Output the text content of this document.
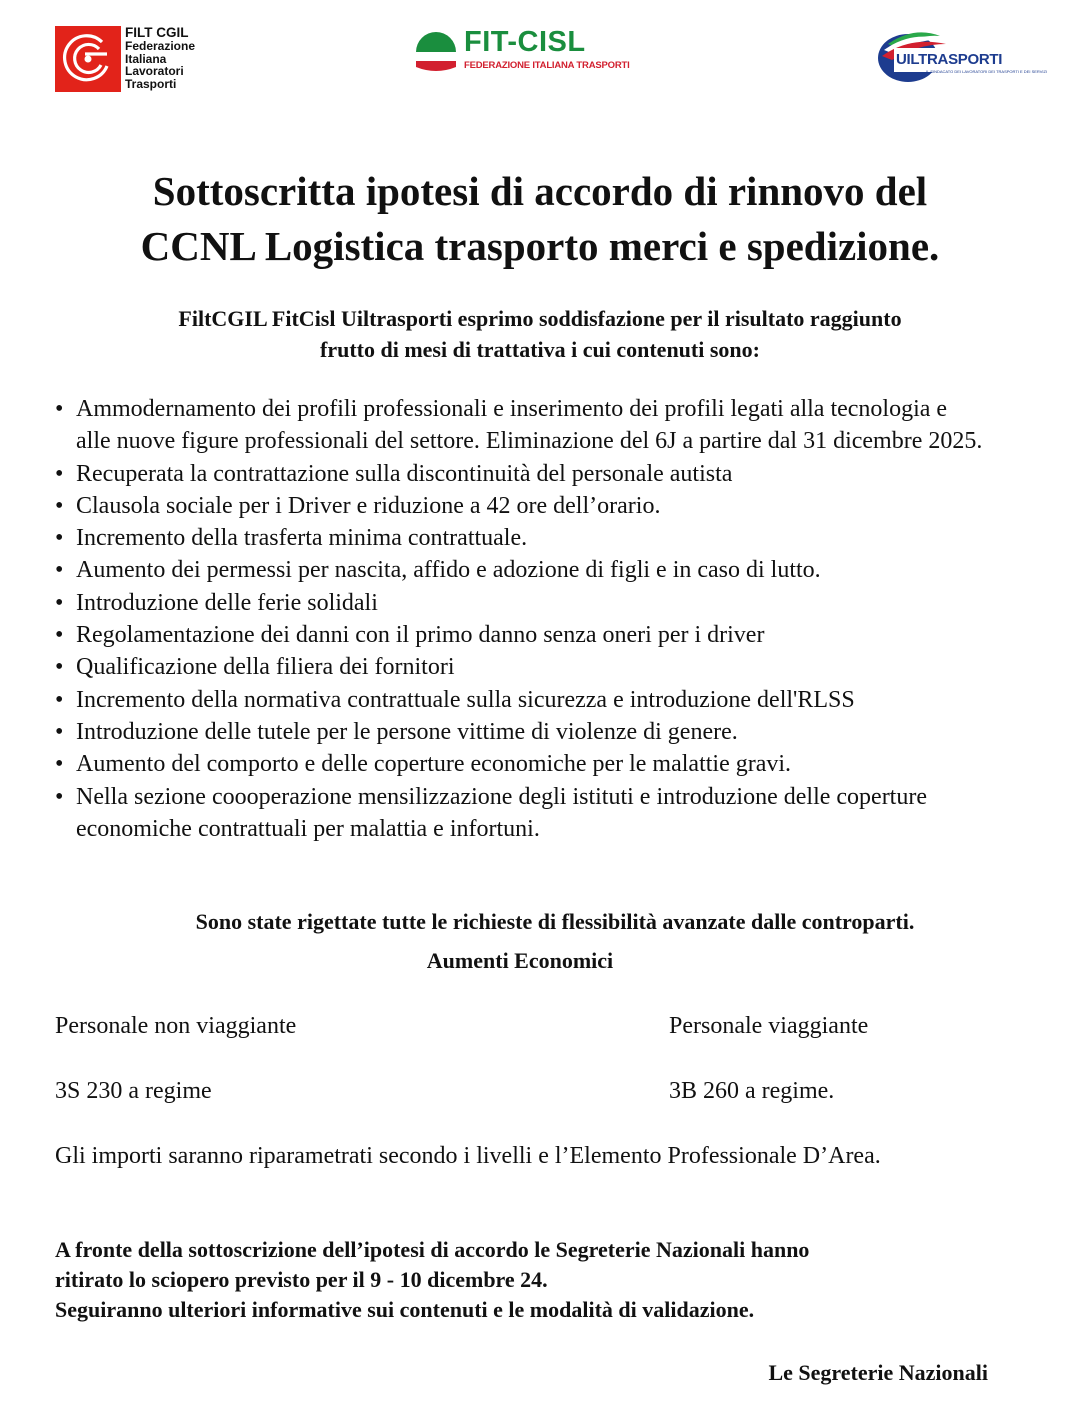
FILT CGIL
Federazione
Italiana
Lavoratori
Trasporti
FIT-CISL
FEDERAZIONE ITALIANA TRASPORTI	UILTRASPORTI
IL SINDACATO DEI LAVORATORI DEI TRASPORTI E DEI SERVIZI
Sottoscritta ipotesi di accordo di rinnovo del
CCNL Logistica trasporto merci e spedizione.

FiltCGIL FitCisl Uiltrasporti esprimo soddisfazione per il risultato raggiunto
frutto di mesi di trattativa i cui contenuti sono:

• Ammodernamento dei profili professionali e inserimento dei profili legati alla tecnologia e alle nuove figure professionali del settore. Eliminazione del 6J a partire dal 31 dicembre 2025.
• Recuperata la contrattazione sulla discontinuità del personale autista
• Clausola sociale per i Driver e riduzione a 42 ore dell’orario.
• Incremento della trasferta minima contrattuale.
• Aumento dei permessi per nascita, affido e adozione di figli e in caso di lutto.
• Introduzione delle ferie solidali
• Regolamentazione dei danni con il primo danno senza oneri per i driver
• Qualificazione della filiera dei fornitori
• Incremento della normativa contrattuale sulla sicurezza e introduzione dell'RLSS
• Introduzione delle tutele per le persone vittime di violenze di genere.
• Aumento del comporto e delle coperture economiche per le malattie gravi.
• Nella sezione coooperazione mensilizzazione degli istituti e introduzione delle coperture economiche contrattuali per malattia e infortuni.

Sono state rigettate tutte le richieste di flessibilità avanzate dalle controparti.

Aumenti Economici

Personale non viaggiante	Personale viaggiante
3S 230 a regime	3B 260 a regime.

Gli importi saranno riparametrati secondo i livelli e l’Elemento Professionale D’Area.

A fronte della sottoscrizione dell’ipotesi di accordo le Segreterie Nazionali hanno
ritirato lo sciopero previsto per il 9 - 10 dicembre 24.
Seguiranno ulteriori informative sui contenuti e le modalità di validazione.

Le Segreterie Nazionali
